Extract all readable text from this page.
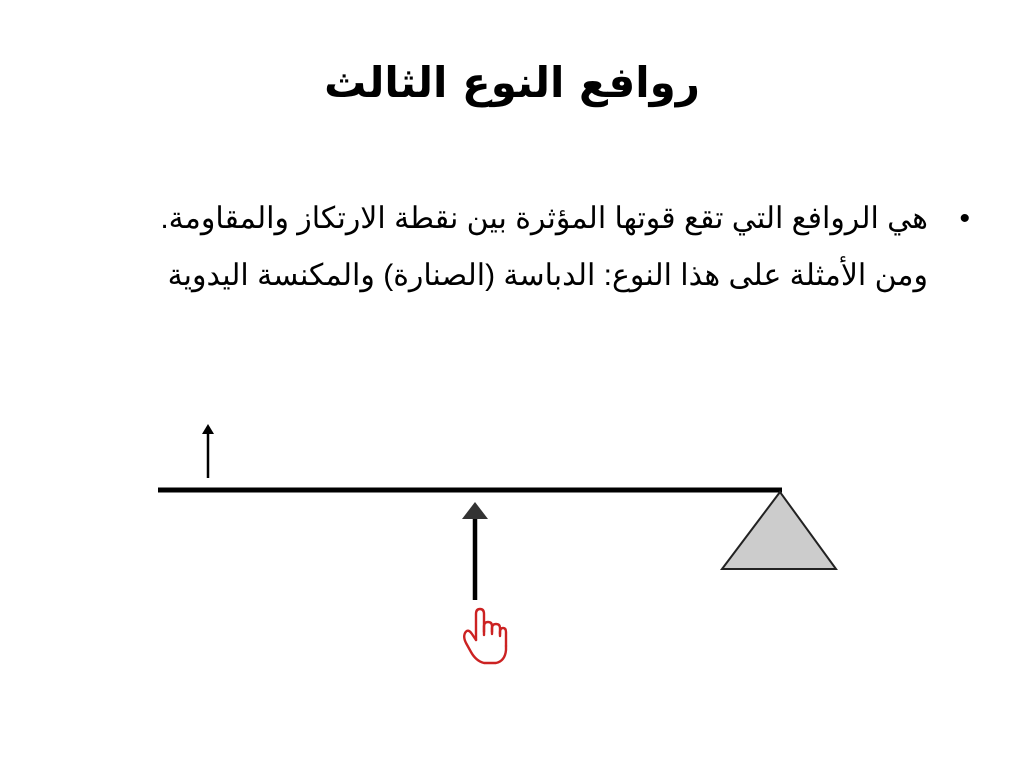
روافع النوع الثالث
•
هي الروافع التي تقع قوتها المؤثرة بين نقطة الارتكاز والمقاومة. ومن الأمثلة على هذا النوع: الدباسة (الصنارة) والمكنسة اليدوية
